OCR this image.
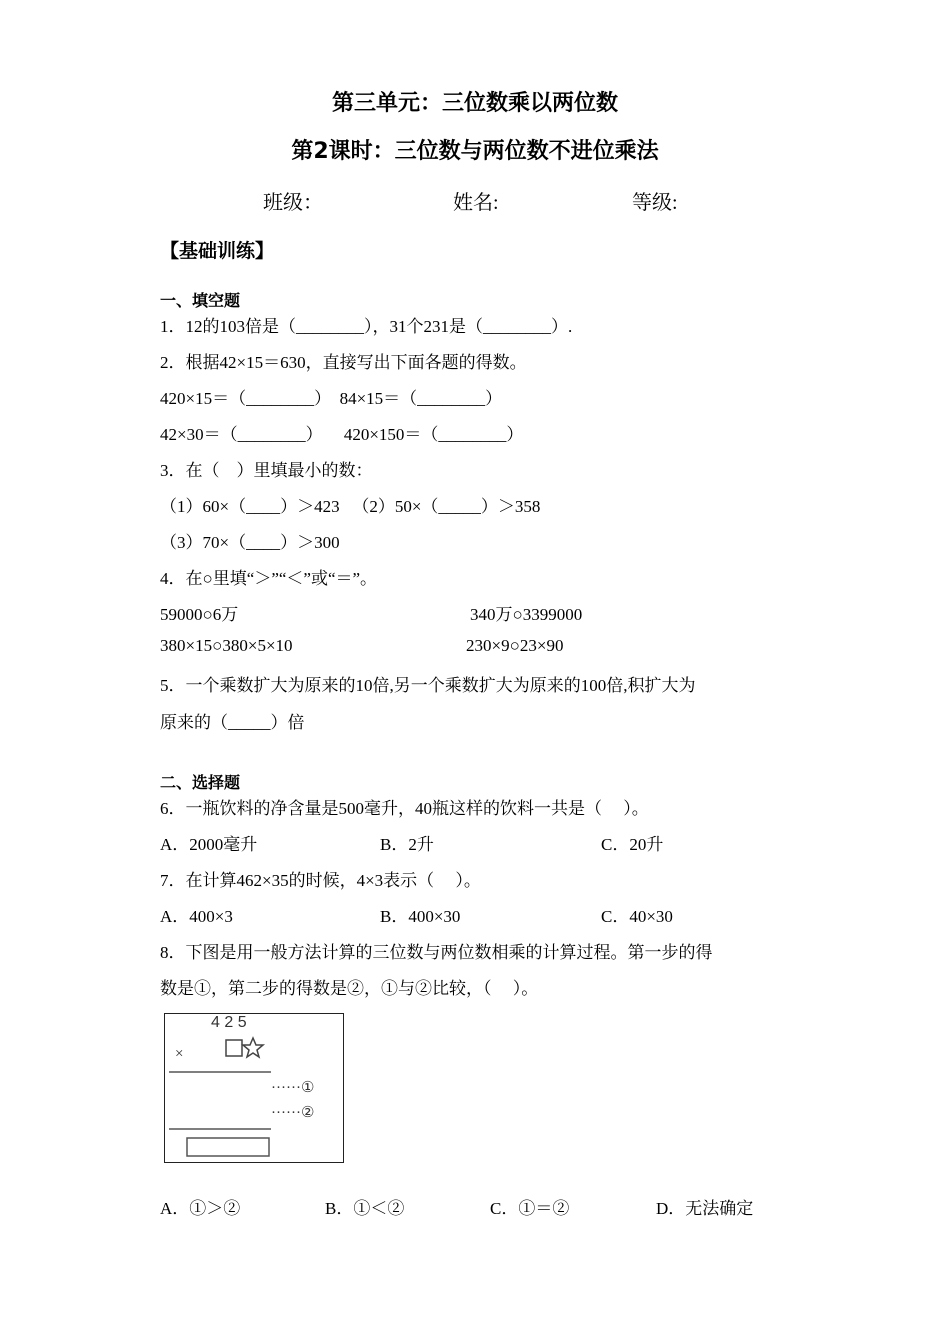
第三单元：三位数乘以两位数
第2课时：三位数与两位数不进位乘法
班级：	姓名:	等级:
【基础训练】
一、填空题
1．12的103倍是（________），31个231是（________）.
2．根据42×15＝630，直接写出下面各题的得数。
420×15＝（________）  84×15＝（________）
42×30＝（________）     420×150＝（________）
3．在（    ）里填最小的数：
（1）60×（____）＞423   （2）50×（_____）＞358
（3）70×（____）＞300
4．在○里填“＞”“＜”或“＝”。
59000○6万	340万○3399000
380×15○380×5×10	230×9○23×90
5．一个乘数扩大为原来的10倍,另一个乘数扩大为原来的100倍,积扩大为
原来的（_____）倍
二、选择题
6．一瓶饮料的净含量是500毫升，40瓶这样的饮料一共是（     ）。
A．2000毫升	B．2升	C．20升
7．在计算462×35的时候，4×3表示（     ）。
A．400×3	B．400×30	C．40×30
8．下图是用一般方法计算的三位数与两位数相乘的计算过程。第一步的得
数是①，第二步的得数是②，①与②比较，（     ）。
4 2 5
×
······①
······②
A．①＞②	B．①＜②	C．①＝②	D．无法确定
